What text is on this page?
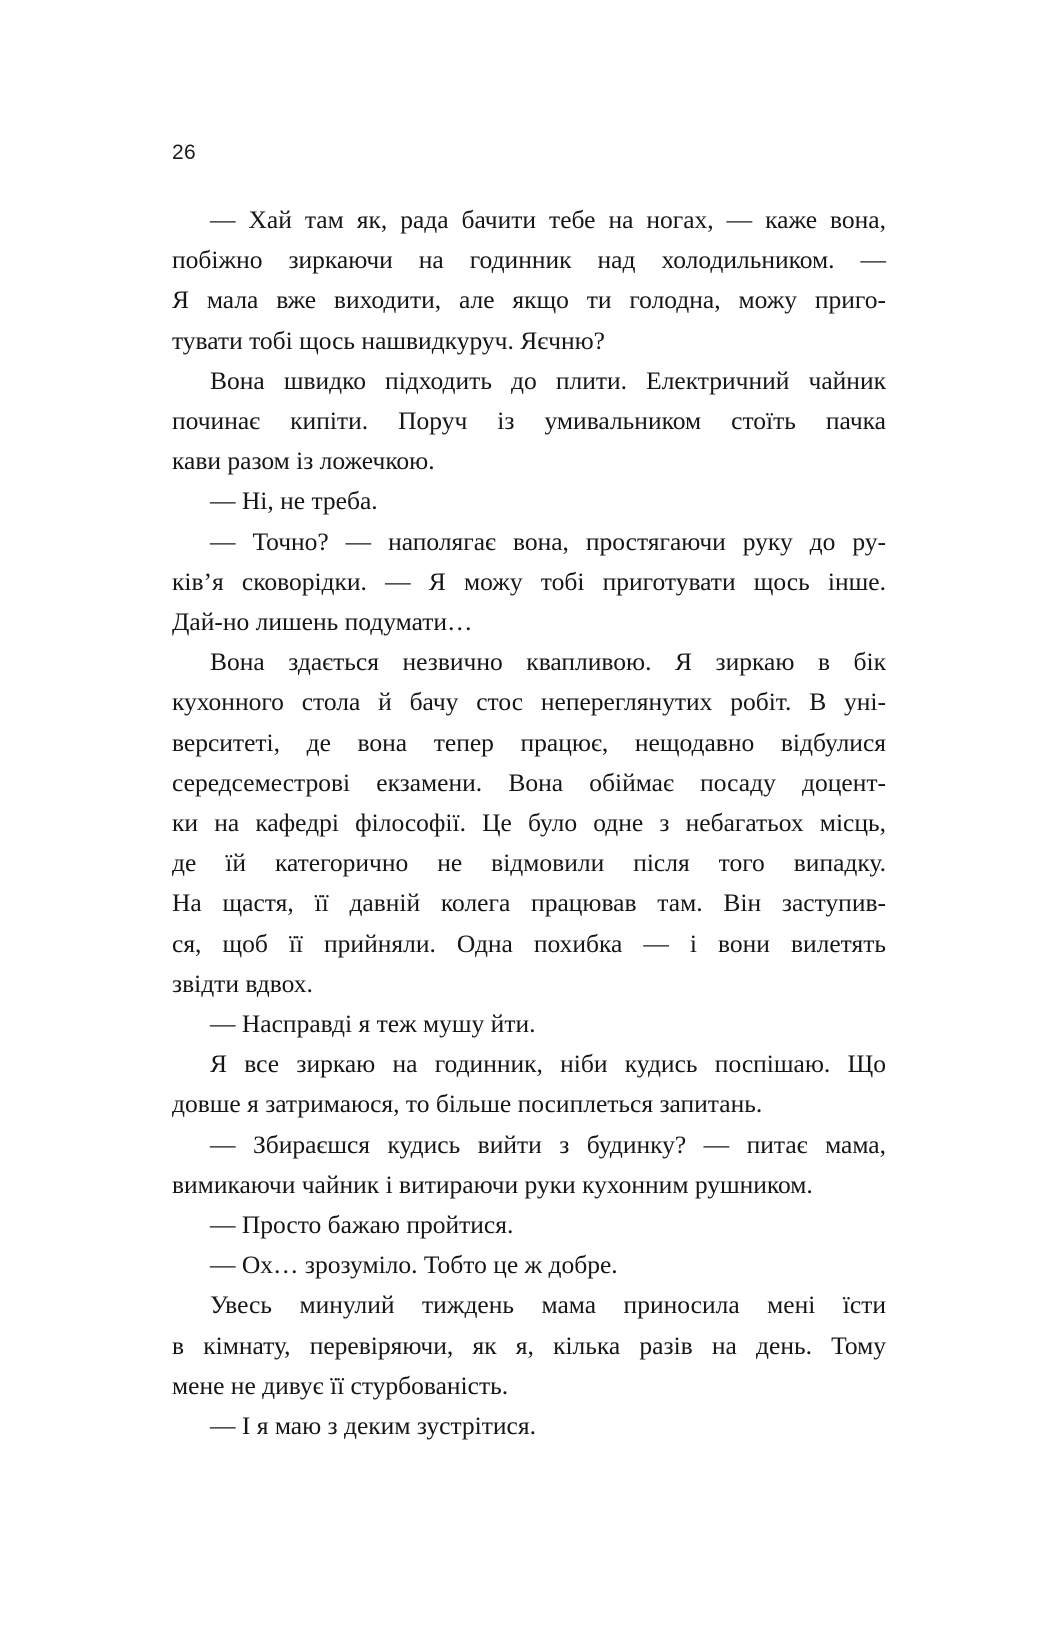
26

— Хай там як, рада бачити тебе на ногах, — каже вона,
побіжно зиркаючи на годинник над холодильником. —
Я мала вже виходити, але якщо ти голодна, можу приго-
тувати тобі щось нашвидкуруч. Яєчню?

Вона швидко підходить до плити. Електричний чайник
починає кипіти. Поруч із умивальником стоїть пачка
кави разом із ложечкою.

— Ні, не треба.

— Точно? — наполягає вона, простягаючи руку до ру-
ків’я сковорідки. — Я можу тобі приготувати щось інше.
Дай-но лишень подумати…

Вона здається незвично квапливою. Я зиркаю в бік
кухонного стола й бачу стос непереглянутих робіт. В уні-
верситеті, де вона тепер працює, нещодавно відбулися
середсеместрові екзамени. Вона обіймає посаду доцент-
ки на кафедрі філософії. Це було одне з небагатьох місць,
де їй категорично не відмовили після того випадку.
На щастя, її давній колега працював там. Він заступив-
ся, щоб її прийняли. Одна похибка — і вони вилетять
звідти вдвох.

— Насправді я теж мушу йти.

Я все зиркаю на годинник, ніби кудись поспішаю. Що
довше я затримаюся, то більше посиплеться запитань.

— Збираєшся кудись вийти з будинку? — питає мама,
вимикаючи чайник і витираючи руки кухонним рушником.

— Просто бажаю пройтися.

— Ох… зрозуміло. Тобто це ж добре.

Увесь минулий тиждень мама приносила мені їсти
в кімнату, перевіряючи, як я, кілька разів на день. Тому
мене не дивує її стурбованість.

— І я маю з деким зустрітися.
